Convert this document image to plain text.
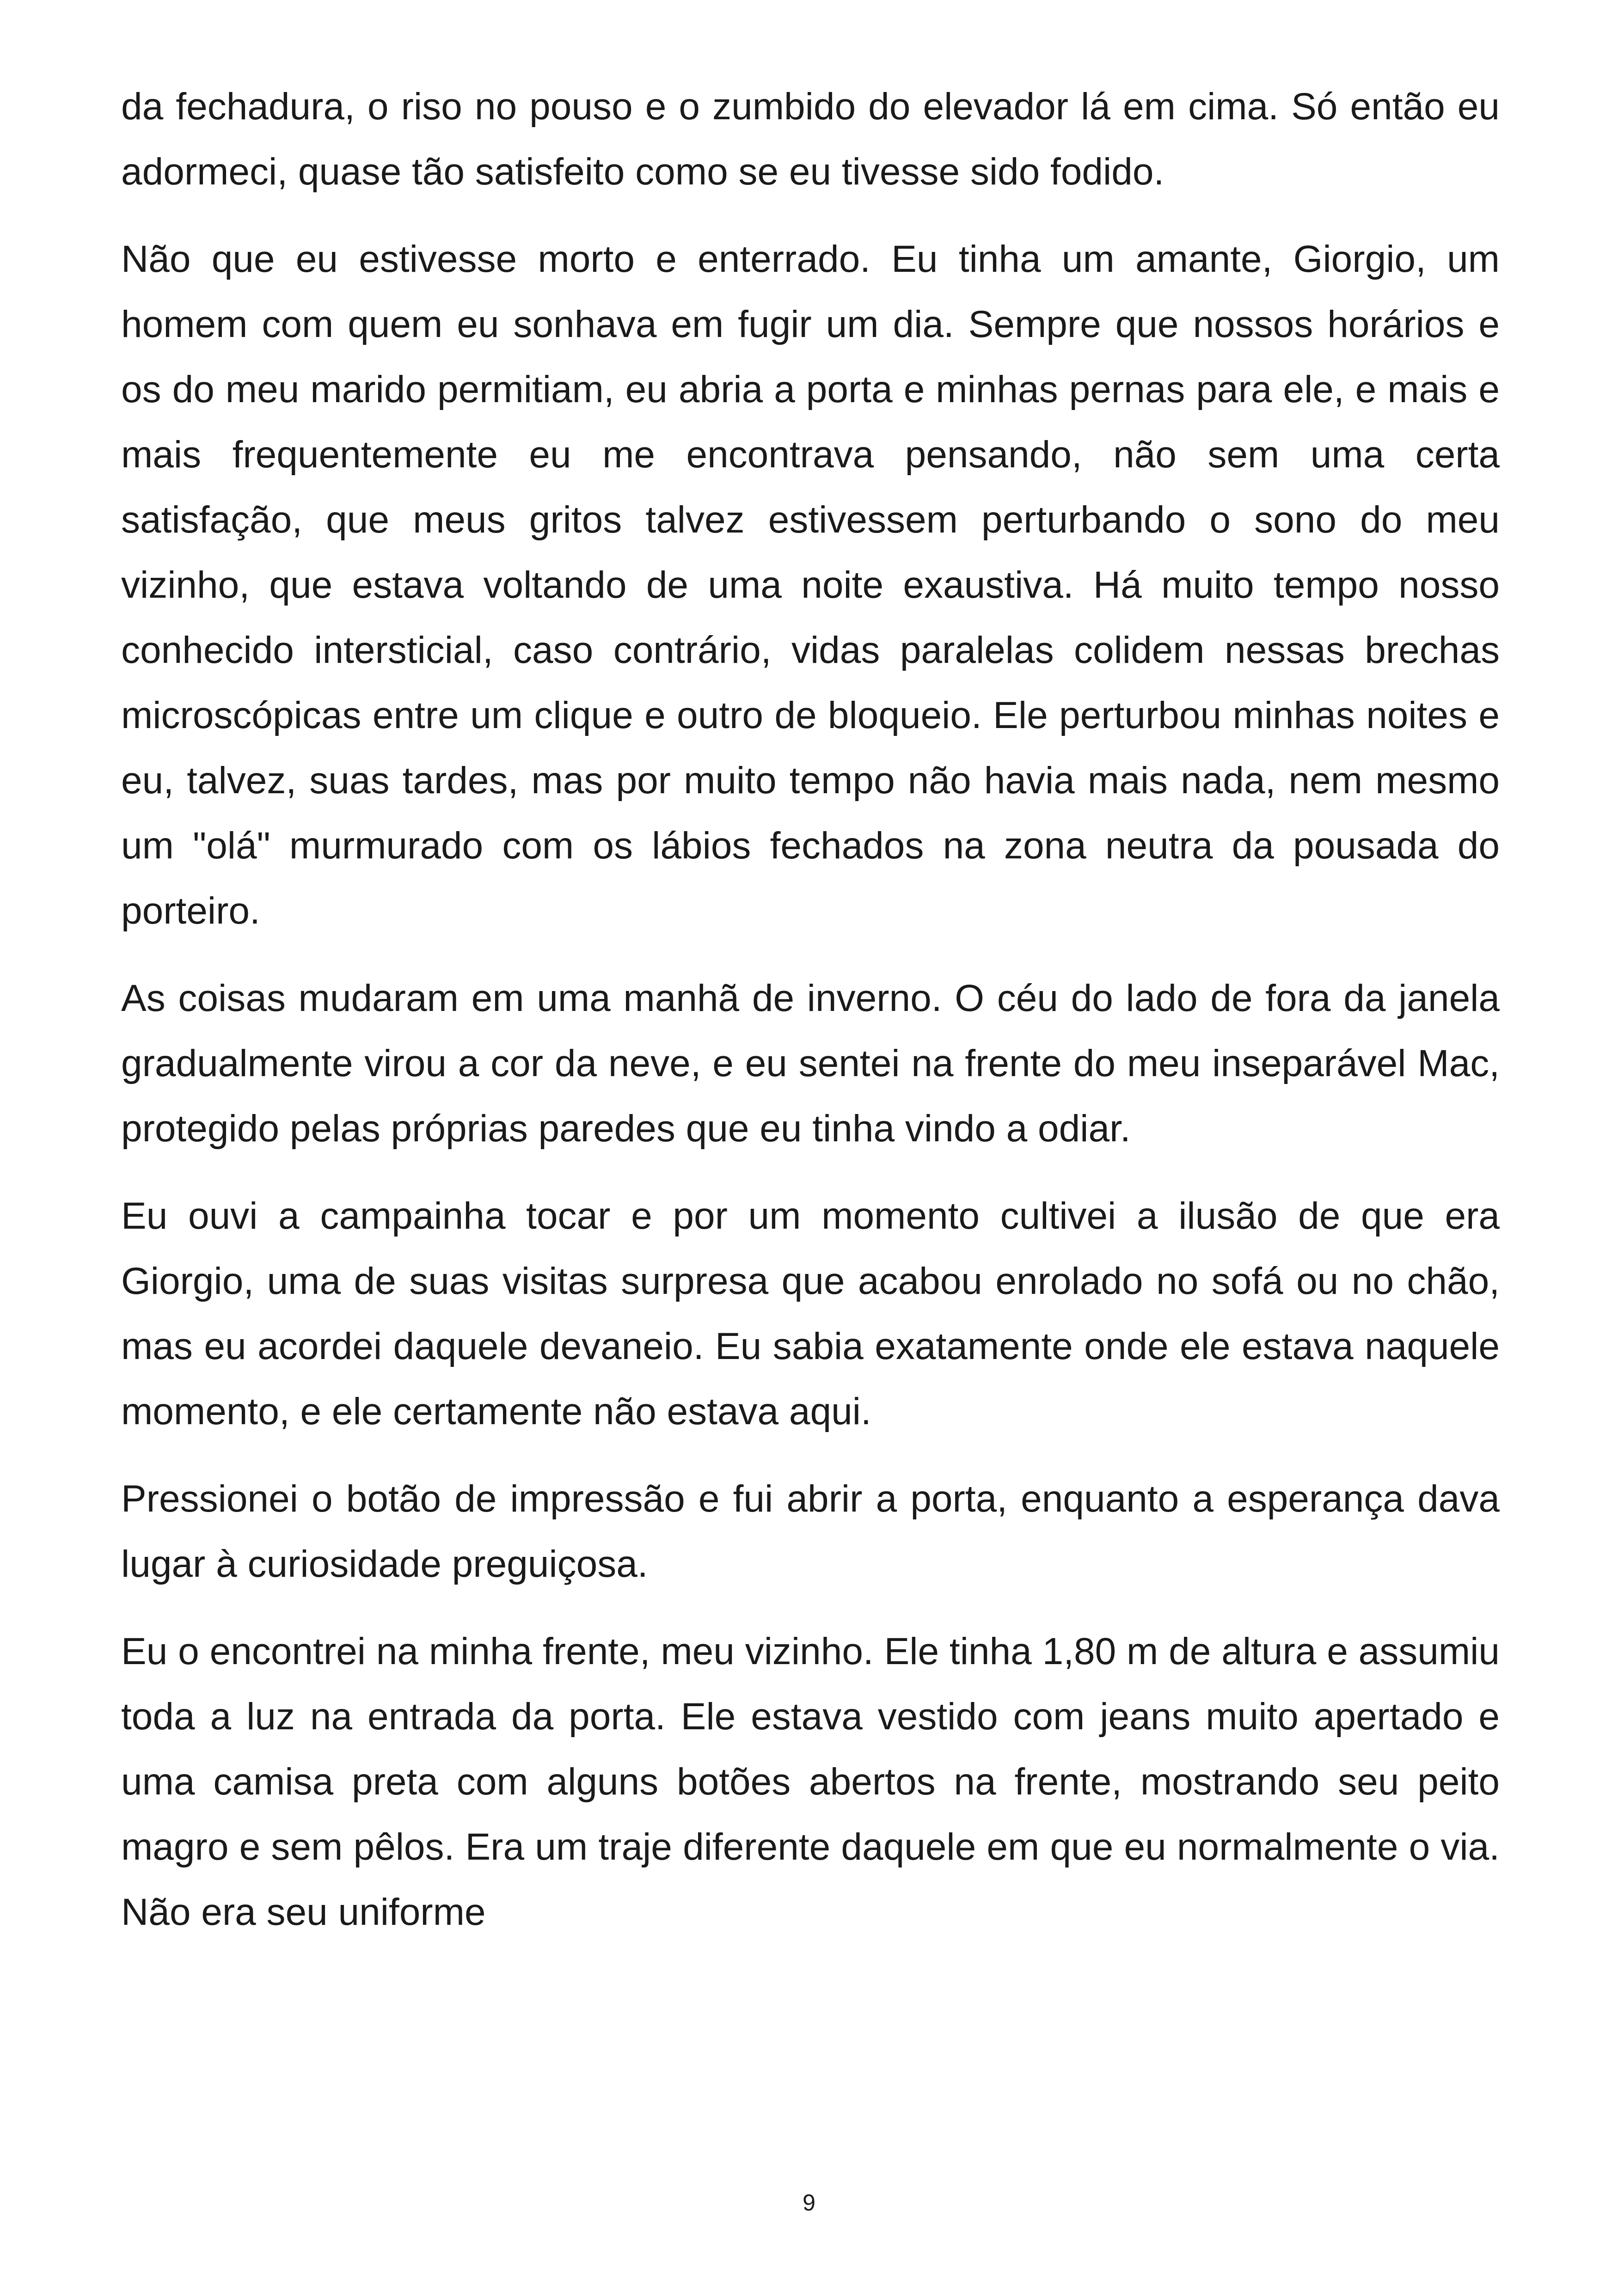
da fechadura, o riso no pouso e o zumbido do elevador lá em cima. Só então eu adormeci, quase tão satisfeito como se eu tivesse sido fodido.

Não que eu estivesse morto e enterrado. Eu tinha um amante, Giorgio, um homem com quem eu sonhava em fugir um dia. Sempre que nossos horários e os do meu marido permitiam, eu abria a porta e minhas pernas para ele, e mais e mais frequentemente eu me encontrava pensando, não sem uma certa satisfação, que meus gritos talvez estivessem perturbando o sono do meu vizinho, que estava voltando de uma noite exaustiva. Há muito tempo nosso conhecido intersticial, caso contrário, vidas paralelas colidem nessas brechas microscópicas entre um clique e outro de bloqueio. Ele perturbou minhas noites e eu, talvez, suas tardes, mas por muito tempo não havia mais nada, nem mesmo um "olá" murmurado com os lábios fechados na zona neutra da pousada do porteiro.

As coisas mudaram em uma manhã de inverno. O céu do lado de fora da janela gradualmente virou a cor da neve, e eu sentei na frente do meu inseparável Mac, protegido pelas próprias paredes que eu tinha vindo a odiar.

Eu ouvi a campainha tocar e por um momento cultivei a ilusão de que era Giorgio, uma de suas visitas surpresa que acabou enrolado no sofá ou no chão, mas eu acordei daquele devaneio. Eu sabia exatamente onde ele estava naquele momento, e ele certamente não estava aqui.

Pressionei o botão de impressão e fui abrir a porta, enquanto a esperança dava lugar à curiosidade preguiçosa.

Eu o encontrei na minha frente, meu vizinho. Ele tinha 1,80 m de altura e assumiu toda a luz na entrada da porta. Ele estava vestido com jeans muito apertado e uma camisa preta com alguns botões abertos na frente, mostrando seu peito magro e sem pêlos. Era um traje diferente daquele em que eu normalmente o via. Não era seu uniforme

9
